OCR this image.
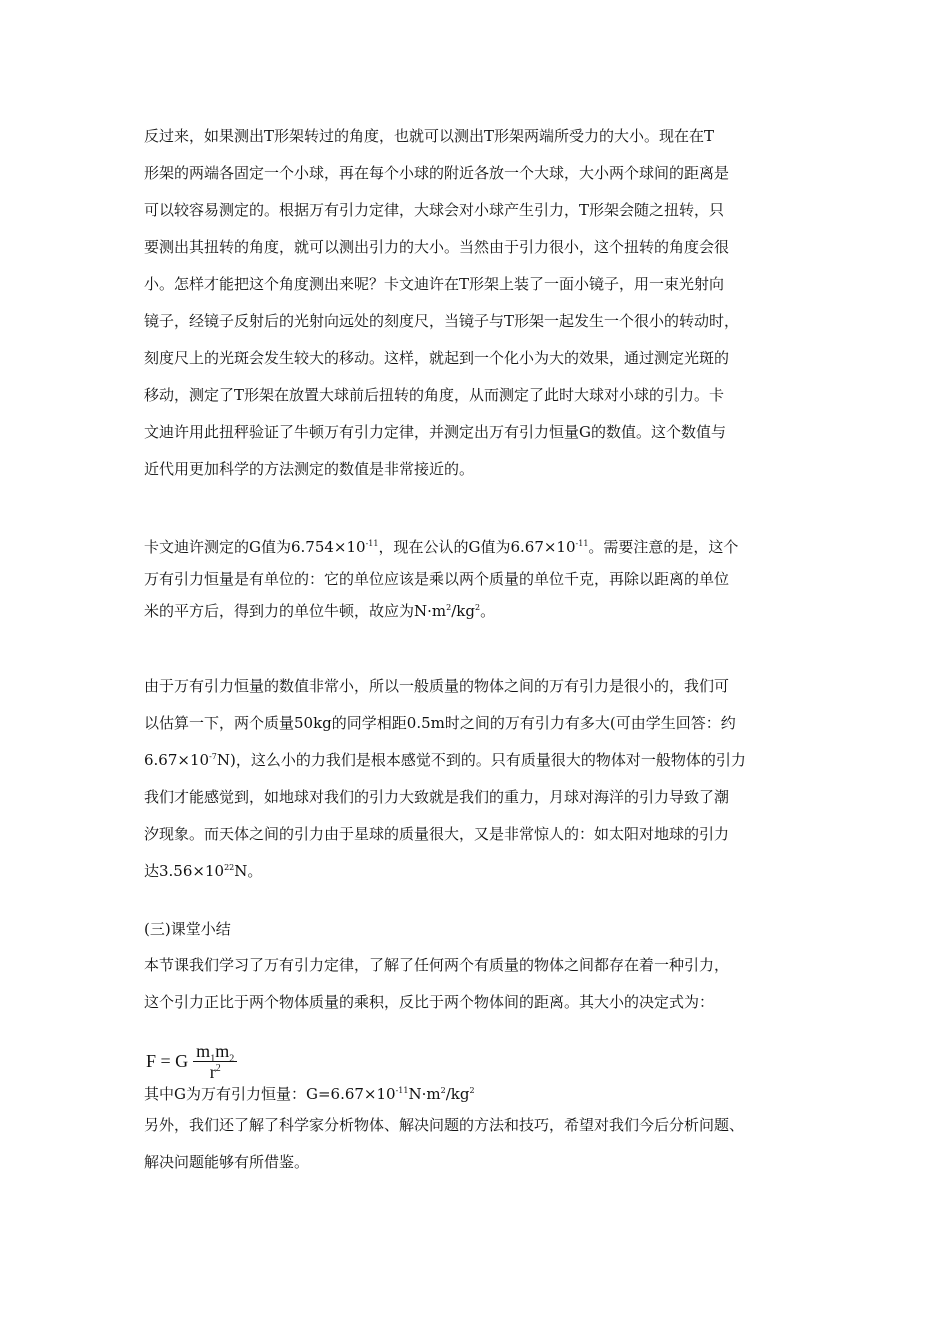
反过来，如果测出T形架转过的角度，也就可以测出T形架两端所受力的大小。现在在T
形架的两端各固定一个小球，再在每个小球的附近各放一个大球，大小两个球间的距离是
可以较容易测定的。根据万有引力定律，大球会对小球产生引力，T形架会随之扭转，只
要测出其扭转的角度，就可以测出引力的大小。当然由于引力很小，这个扭转的角度会很
小。怎样才能把这个角度测出来呢？卡文迪许在T形架上装了一面小镜子，用一束光射向
镜子，经镜子反射后的光射向远处的刻度尺，当镜子与T形架一起发生一个很小的转动时，
刻度尺上的光斑会发生较大的移动。这样，就起到一个化小为大的效果，通过测定光斑的
移动，测定了T形架在放置大球前后扭转的角度，从而测定了此时大球对小球的引力。卡
文迪许用此扭秤验证了牛顿万有引力定律，并测定出万有引力恒量G的数值。这个数值与
近代用更加科学的方法测定的数值是非常接近的。
卡文迪许测定的G值为$6.754\times 10^{-11}$，现在公认的G值为$6.67\times 10^{-11}$。需要注意的是，这个
万有引力恒量是有单位的：它的单位应该是乘以两个质量的单位千克，再除以距离的单位
米的平方后，得到力的单位牛顿，故应为$N\cdot m^2/kg^2$。
由于万有引力恒量的数值非常小，所以一般质量的物体之间的万有引力是很小的，我们可
以估算一下，两个质量50kg的同学相距0.5m时之间的万有引力有多大(可由学生回答：约
$6.67\times 10^{-7}N$)，这么小的力我们是根本感觉不到的。只有质量很大的物体对一般物体的引力
我们才能感觉到，如地球对我们的引力大致就是我们的重力，月球对海洋的引力导致了潮
汐现象。而天体之间的引力由于星球的质量很大，又是非常惊人的：如太阳对地球的引力
达$3.56\times 10^{22}N$。

(三)课堂小结

本节课我们学习了万有引力定律，了解了任何两个有质量的物体之间都存在着一种引力，
这个引力正比于两个物体质量的乘积，反比于两个物体间的距离。其大小的决定式为：
F = G $\frac{m_1m_2}{r^2}$

其中G为万有引力恒量：$G=6.67\times 10^{-11}N\cdot m^2/kg^2$

另外，我们还了解了科学家分析物体、解决问题的方法和技巧，希望对我们今后分析问题、
解决问题能够有所借鉴。
